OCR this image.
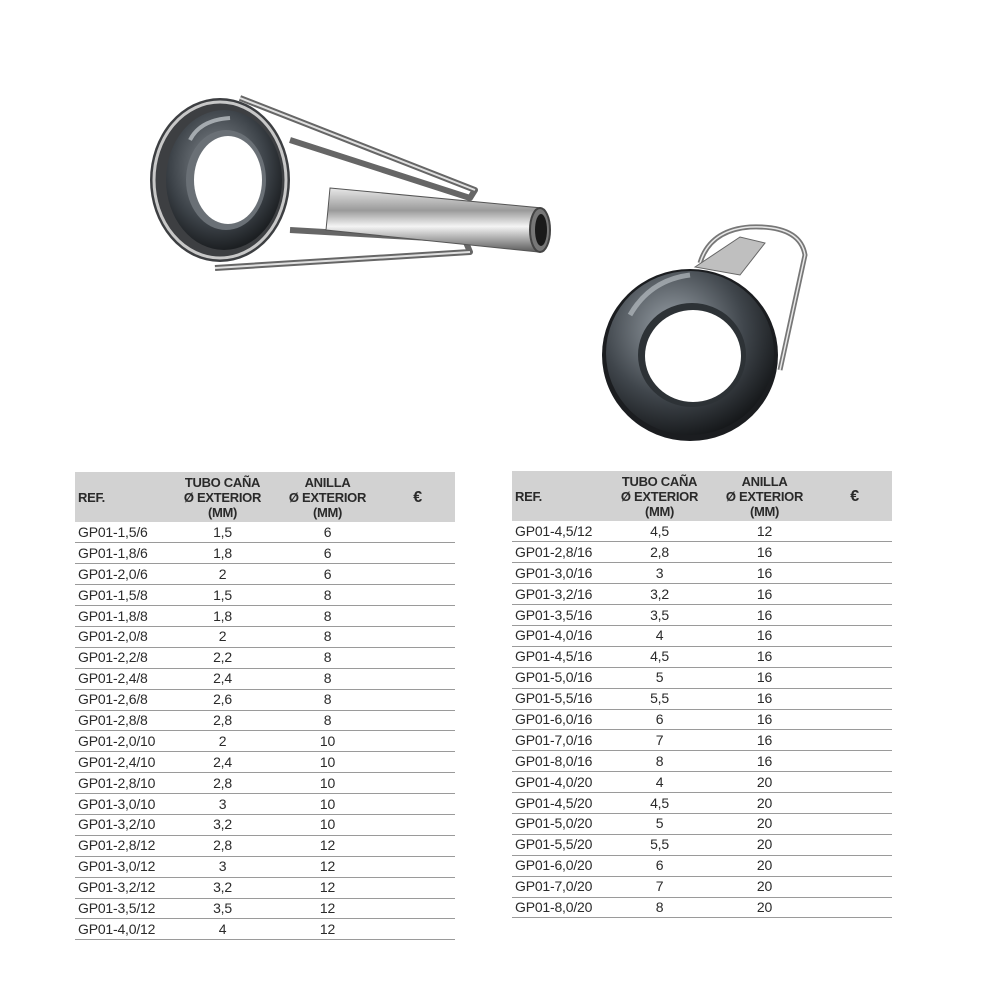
REF.	TUBO CAÑA
Ø EXTERIOR
(MM)	ANILLA
Ø EXTERIOR
(MM)	€
GP01-1,5/6	1,5	6	
GP01-1,8/6	1,8	6	
GP01-2,0/6	2	6	
GP01-1,5/8	1,5	8	
GP01-1,8/8	1,8	8	
GP01-2,0/8	2	8	
GP01-2,2/8	2,2	8	
GP01-2,4/8	2,4	8	
GP01-2,6/8	2,6	8	
GP01-2,8/8	2,8	8	
GP01-2,0/10	2	10	
GP01-2,4/10	2,4	10	
GP01-2,8/10	2,8	10	
GP01-3,0/10	3	10	
GP01-3,2/10	3,2	10	
GP01-2,8/12	2,8	12	
GP01-3,0/12	3	12	
GP01-3,2/12	3,2	12	
GP01-3,5/12	3,5	12	
GP01-4,0/12	4	12	
REF.	TUBO CAÑA
Ø EXTERIOR
(MM)	ANILLA
Ø EXTERIOR
(MM)	€
GP01-4,5/12	4,5	12	
GP01-2,8/16	2,8	16	
GP01-3,0/16	3	16	
GP01-3,2/16	3,2	16	
GP01-3,5/16	3,5	16	
GP01-4,0/16	4	16	
GP01-4,5/16	4,5	16	
GP01-5,0/16	5	16	
GP01-5,5/16	5,5	16	
GP01-6,0/16	6	16	
GP01-7,0/16	7	16	
GP01-8,0/16	8	16	
GP01-4,0/20	4	20	
GP01-4,5/20	4,5	20	
GP01-5,0/20	5	20	
GP01-5,5/20	5,5	20	
GP01-6,0/20	6	20	
GP01-7,0/20	7	20	
GP01-8,0/20	8	20	
